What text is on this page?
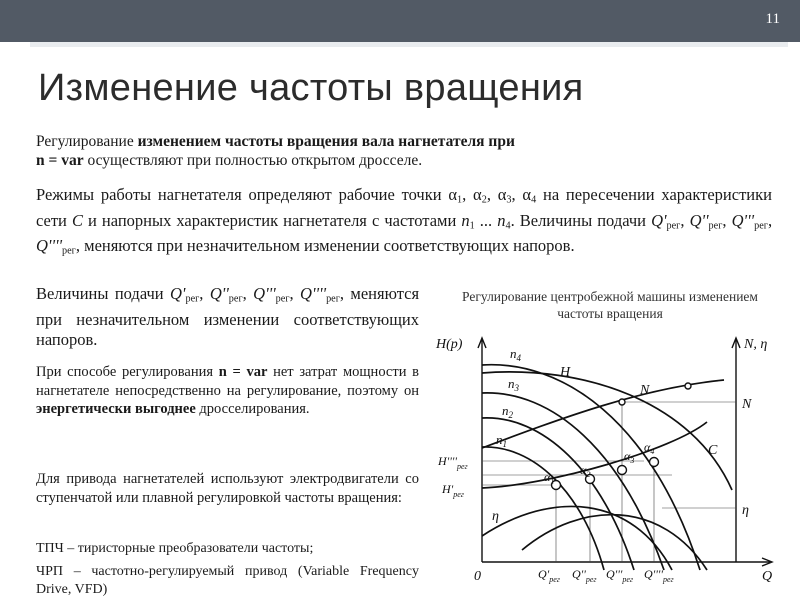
11
Изменение частоты вращения
Регулирование изменением частоты вращения вала нагнетателя при
n = var осуществляют при полностью открытом дросселе.
Режимы работы нагнетателя определяют рабочие точки $\alpha_1$, $\alpha_2$, $\alpha_3$, $\alpha_4$ на пересечении характеристики сети C и напорных характеристик нагнетателя с частотами $n_1$ ... $n_4$. Величины подачи $Q'_{рег}$, $Q''_{рег}$, $Q'''_{рег}$, $Q''''_{рег}$, меняются при незначительном изменении соответствующих напоров.
Величины подачи $Q'_{рег}$, $Q''_{рег}$, $Q'''_{рег}$, $Q''''_{рег}$, меняются при незначительном изменении соответствующих напоров.
При способе регулирования n = var нет затрат мощности в нагнетателе непосредственно на регулирование, поэтому он энергетически выгоднее дросселирования.
Для привода нагнетателей используют электродвигатели со ступенчатой или плавной регулировкой частоты вращения:
ТПЧ – тиристорные преобразователи частоты;
ЧРП – частотно-регулируемый привод (Variable Frequency Drive, VFD)
Регулирование центробежной машины изменением частоты вращения
H(p)	N, η
0	Q
$n_4$
$n_3$
$n_2$
$n_1$
H
N
N
C
η	η
$\alpha_1$
$\alpha_2$
$\alpha_3$
$\alpha_4$
$H''''_{рег}$
$H'_{рег}$
$Q'_{рег}$ $Q''_{рег}$ $Q'''_{рег}$ $Q''''_{рег}$
